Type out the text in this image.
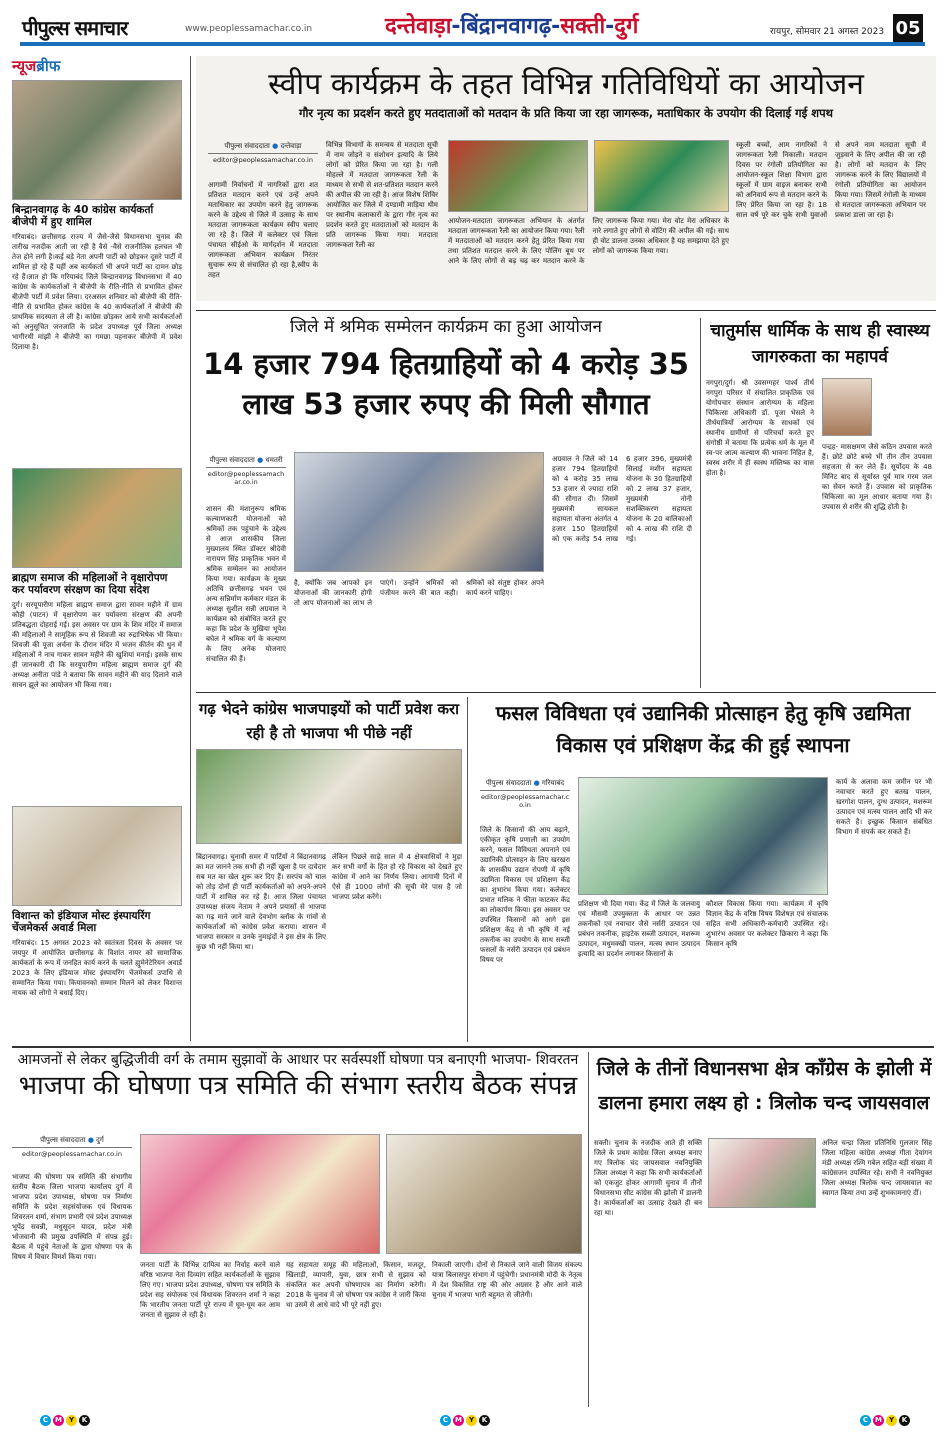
पीपुल्स समाचार	www.peoplessamachar.co.in	दन्तेवाड़ा-बिंद्रानवागढ़-सक्ती-दुर्ग	रायपुर, सोमवार 21 अगस्त 2023 05
न्यूजब्रीफ
बिन्द्रानवागढ़ के 40 कांग्रेस कार्यकर्ता बीजेपी में हुए शामिल
गरियाबंद। छत्तीसगढ़ राज्य में जैसे-जैसे विधानसभा चुनाव की तारीख नजदीक आती जा रही है वैसे -वैसे राजनीतिक हलचल भी तेज होने लगी है।कई बड़े नेता अपनी पार्टी को छोड़कर दूसरे पार्टी में शामिल हो रहे हैं यहीं अब कार्यकर्ता भी अपने पार्टी का दामन छोड़ रहे हैं।ज्ञात हो कि गरियाबंद जिले बिन्द्रानवागढ़ विधानसभा में 40 कांग्रेस के कार्यकर्ताओं ने बीजेपी के रीति-नीति से प्रभावित होकर बीजेपी पार्टी में प्रवेश लिया। दरअसल शनिवार को बीजेपी की रीति-नीति से प्रभावित होकर कांग्रेस के 40 कार्यकर्ताओं ने बीजेपी की प्राथमिक सदस्यता ले ली है। कांग्रेस छोड़कर आये सभी कार्यकर्ताओं को अनुसूचित जनजाति के प्रदेश उपाध्यक्ष पूर्व जिला अध्यक्ष भागीरथी मांझी ने बीजेपी का गमछा पहनाकर बीजेपी में प्रवेश दिलाया है।
ब्राह्मण समाज की महिलाओं ने वृक्षारोपण कर पर्यावरण संरक्षण का दिया संदेश
दुर्ग। सरयूपारीण महिला ब्राह्मण समाज द्वारा सावन महीने में ग्राम कौही (पाटन) में वृक्षारोपण कर पर्यावरण संरक्षण की अपनी प्रतिबद्धता दोहराई गई। इस अवसर पर ग्राम के शिव मंदिर में समाज की महिलाओं ने सामूहिक रूप से शिवजी का रुद्राभिषेक भी किया। शिवजी की पूजा अर्चना के दौरान मंदिर में भजन कीर्तन की धुन में महिलाओं ने नाच गाकर सावन महीने की खुशियां मनाई। इसके साथ ही जानकारी दी कि सरयूपारीण महिला ब्राह्मण समाज दुर्ग की अध्यक्ष अनीता पांडे ने बताया कि सावन महीने की याद दिलाने वाले सावन झूले का आयोजन भी किया गया।
विशान्त को इंडियाज मोस्ट इंस्पायरिंग चेंजमेकर्स अवार्ड मिला
गरियाबंद। 15 अगस्त 2023 को स्वतंत्रता दिवस के अवसर पर जयपुर में आयोजित छत्तीसगढ़ के विशांत नायर को सामाजिक कार्यकर्ता के रूप में जनहित कार्य करने के चलते ह्युमेनेटेरियन अवार्ड 2023 के लिए इंडियाज मोस्ट इंस्पायरिंग चेंजमेकर्स उपाधि से सम्मानित किया गया। कियावनको सम्मान मिलने को लेकर विशान्त नायक को लोगो ने बधाई दिए।
स्वीप कार्यक्रम के तहत विभिन्न गतिविधियों का आयोजन
गौर नृत्य का प्रदर्शन करते हुए मतदाताओं को मतदान के प्रति किया जा रहा जागरूक, मताधिकार के उपयोग की दिलाई गई शपथ
पीपुल्स संवाददाता ● दन्तेवाड़ा
editor@peoplessamachar.co.in
आगामी निर्वाचनों में नागरिकों द्वारा शत प्रतिशत मतदान करने एवं उन्हें अपने मताधिकार का उपयोग करने हेतु जागरूक करने के उद्देश्य से जिले में उत्साह के साथ मतदाता जागरूकता कार्यक्रम स्वीप चलाए जा रहे है। जिले में कलेक्टर एवं जिला पंचायत सीईओ के मार्गदर्शन में मतदाता जागरूकता अभियान कार्यक्रम निरंतर सुचारू रूप से संचालित हो रहा है,स्वीप के तहत
विभिन्न विभागों के समन्वय से मतदाता सूची में नाम जोड़ने व संशोधन इत्यादि के लिये लोगों को प्रेरित किया जा रहा है। गली मोहल्ले में मतदाता जागरूकता रैली के माध्यम से सभी से शत-प्रतिशत मतदान करने की अपील की जा रही है। आज विशेष शिविर आयोजित कर जिले में दण्डामी माड़िया थीम पर स्थानीय कलाकारों के द्वारा गौर नृत्य का प्रदर्शन करते हुए मतदाताओं को मतदान के प्रति जागरूक किया गया। मतदाता जागरूकता रैली का
आयोजन-मतदाता जागरूकता अभियान के अंतर्गत मतदाता जागरूकता रैली का आयोजन किया गया। रैली में मतदाताओं को मतदान करने हेतु प्रेरित किया गया तथा प्रतिशत मतदान करने के लिए पोलिंग बूथ पर आने के लिए लोगों से बढ़ चढ़ कर मतदान करने के लिए जागरूक किया गया। मेरा वोट मेरा अधिकार के नारे लगाते हुए लोगों से वोटिंग की अपील की गई। साथ ही वोट डालना उनका अधिकार है यह समझाया देते हुए लोगों को जागरूक किया गया।
स्कूली बच्चों, आम नागरिकों ने जागरूकता रैली निकाली। मतदान दिवस पर रंगोली प्रतियोगिता का आयोजन-स्कूल शिक्षा विभाग द्वारा स्कूलों में ग्राम वाइज बनाकर सभी को अनिवार्य रूप से मतदान करने के लिए प्रेरित किया जा रहा है। 18 साल वर्ष पूरे कर चुके सभी युवाओं से अपने नाम मतदाता सूची में जुड़वाने के लिए अपील की जा रही है। लोगों को मतदान के लिए जागरूक करने के लिए विद्यालयों में रंगोली प्रतियोगिता का आयोजन किया गया। जिसमें रंगोली के माध्यम से मतदाता जागरूकता अभियान पर प्रकाश डाला जा रहा है।
जिले में श्रमिक सम्मेलन कार्यक्रम का हुआ आयोजन
14 हजार 794 हितग्राहियों को 4 करोड़ 35 लाख 53 हजार रुपए की मिली सौगात
पीपुल्स संवाददाता ● धमतरी
editor@peoplessamachar.co.in
शासन की मंशानुरूप श्रमिक कल्याणकारी योजनाओं को श्रमिकों तक पहुंचाने के उद्देश्य से आज शासकीय जिला मुख्यालय स्थित डॉक्टर श्रीदेवी नारायण सिंह प्राकृतिक भवन में श्रमिक सम्मेलन का आयोजन किया गया। कार्यक्रम के मुख्य अतिथि छत्तीसगढ़ भवन एवं अन्य सन्निर्माण कर्मकार मंडल के अध्यक्ष सुशील सन्नी अग्रवाल ने कार्यक्रम को संबोधित करते हुए कहा कि प्रदेश के मुखिया भूपेश बघेल ने श्रमिक वर्ग के कल्याण के लिए अनेक योजनाएं संचालित की हैं।
है, क्योंकि जब आपको इन योजनाओं की जानकारी होगी तो आप योजनाओं का लाभ ले पाएंगे। उन्होंने श्रमिकों को पंजीयन करने की बात कही। श्रमिकों को संतुष्ट होकर अपने कार्य करने चाहिए।
अग्रवाल ने जिले को 14 हजार 794 हितग्राहियों को 4 करोड़ 35 लाख 53 हजार से ज्यादा राशि की सौगात दी। जिसमें मुख्यमंत्री सायकल सहायता योजना अंतर्गत 4 हजार 150 हितग्राहियों को एक करोड़ 54 लाख 6 हजार 396, मुख्यमंत्री सिलाई मशीन सहायता योजना के 30 हितग्राहियों को 2 लाख 37 हजार, मुख्यमंत्री नोनी सशक्तिकरण सहायता योजना के 20 बालिकाओं को 4 लाख की राशि दी गई।
चातुर्मास धार्मिक के साथ ही स्वास्थ्य जागरुकता का महापर्व
नगपुरा/दुर्ग। श्री उवसग्गहरं पार्श्व तीर्थ नगपुरा परिसर में संचालित प्राकृतिक एवं योगोपचार संस्थान आरोग्यम के महिला चिकित्सा अधिकारी डॉ. पूजा भेसले ने तीर्थयात्रियों आरोग्यम के साधकों एवं स्थानीय ग्रामीणों से परिचर्चा करते हुए संगोष्ठी में बताया कि प्रत्येक धर्म के मूल में स्व-पर आत्म कल्याण की भावना निहित है, स्वस्थ शरीर में ही स्वस्थ मस्तिष्क का वास होता है।
पन्द्रह- मासक्षमण जैसे कठिन उपवास करते हैं। छोटे छोटे बच्चे भी तीन तीन उपवास सहजता से कर लेते हैं। सूर्योदय के 48 मिनिट बाद से सूर्यास्त पूर्व मात्र गरम जल का सेवन करते हैं। उपवास को प्राकृतिक चिकित्सा का मूल आधार बताया गया है। उपवास से शरीर की शुद्धि होती है।
गढ़ भेदने कांग्रेस भाजपाइयों को पार्टी प्रवेश करा रही है तो भाजपा भी पीछे नहीं
बिंद्रानवागढ़। चुनावी समर में पार्टियों ने बिंद्रानवागढ़ का मत जानने तक सभी ही नहीं खुला है पर दावेदार सब मत का खेल शुरू कर दिए हैं। सरपंच को चाल को तोड़ दोनों ही पार्टी कार्यकर्ताओं को अपने-अपने पार्टी में शामिल कर रहे हैं। आज जिला पंचायत उपाध्यक्ष संजय नेताम ने अपने प्रयासों से भाजपा का गढ़ माने जाने वाले देवभोग ब्लॉक के गांवों से कार्यकर्ताओं को कांग्रेस प्रवेश कराया। शासन में भाजपा सरकार व उनके नुमाइंदों ने इस क्षेत्र के लिए कुछ भी नहीं किया था।
लेकिन पिछले साढ़े साल में 4 क्षेत्रवासियों ने मुड़ा कर सभी वर्गों के हित हो रहे विकास को देखते हुए कांग्रेस में आने का निर्णय लिया। आगामी दिनों में ऐसे ही 1000 लोगों की सूची मेरे पास है जो भाजपा प्रवेश करेंगे।
फसल विविधता एवं उद्यानिकी प्रोत्साहन हेतु कृषि उद्यमिता विकास एवं प्रशिक्षण केंद्र की हुई स्थापना
पीपुल्स संवाददाता ● गरियाबंद
editor@peoplessamachar.co.in
जिले के किसानों की आय बढ़ाने, एकीकृत कृषि प्रणाली का उपयोग करने, फसल विविधता अपनाने एवं उद्यानिकी प्रोत्साहन के लिए खरखरा के शासकीय उद्यान रोपणी में कृषि उद्यमिता विकास एवं प्रशिक्षण केंद्र का शुभारंभ किया गया। कलेक्टर प्रभात मलिक ने फीता काटकर केंद्र का लोकार्पण किया। इस अवसर पर उपस्थित किसानों को आगे इस प्रशिक्षण केंद्र से भी कृषि में नई तकनीक का उपयोग के साथ सब्जी फसलों के नर्सरी उत्पादन एवं प्रबंधन विषय पर
प्रशिक्षण भी दिया गया। केंद्र में जिले के जलवायु एवं मौसमी उपयुक्तता के आधार पर उन्नत तकनीकों एवं नवाचार जैसे नर्सरी उत्पादन एवं प्रबंधन तकनीक, हाइटेक सब्जी उत्पादन, मशरूम उत्पादन, मधुमक्खी पालन, मत्स्य स्थान उत्पादन इत्यादि का प्रदर्शन लगाकर किसानों के
कौशल विकास किया गया। कार्यक्रम में कृषि विज्ञान केंद्र के वरिष्ठ विषय विशेषज्ञ एवं संचालक सहित सभी अधिकारी-कर्मचारी उपस्थित रहे। शुभारंभ अवसर पर कलेक्टर छिकारा ने कहा कि किसान कृषि
कार्य के अलावा कम जमीन पर भी नवाचार करते हुए बतख पालन, खरगोश पालन, दुग्ध उत्पादन, मशरूम उत्पादन एवं मत्स्य पालन आदि भी कर सकते है। इच्छुक किसान संबंधित विभाग में संपर्क कर सकते हैं।
आमजनों से लेकर बुद्धिजीवी वर्ग के तमाम सुझावों के आधार पर सर्वस्पर्शी घोषणा पत्र बनाएगी भाजपा- शिवरतन
भाजपा की घोषणा पत्र समिति की संभाग स्तरीय बैठक संपन्न
पीपुल्स संवाददाता ● दुर्ग
editor@peoplessamachar.co.in
भाजपा की घोषणा पत्र समिति की संभागीय स्तरीय बैठक जिला भाजपा कार्यालय दुर्ग में भाजपा प्रदेश उपाध्यक्ष, घोषणा पत्र निर्माण समिति के प्रदेश सहसंयोजक एवं विधायक शिवरतन शर्मा, संभाग प्रभारी एवं प्रदेश उपाध्यक्ष भूपेंद्र सवन्नी, मधुसूदन यादव, प्रदेश मंत्री भोजवानी की प्रमुख उपस्थिति में संपन्न हुई। बैठक में पहुंचे नेताओं के द्वारा घोषणा पत्र के विषय में विचार विमर्श किया गया।
जनता पार्टी के विभिन्न दायित्व का निर्वाह करने वाले वरिष्ठ भाजपा नेता दिव्यांग सहित कार्यकर्ताओं के सुझाव लिए गए। भाजपा प्रदेश उपाध्यक्ष, घोषणा पत्र समिति के प्रदेश सह संयोजक एवं विधायक शिवरतन शर्मा ने कहा कि भारतीय जनता पार्टी पूरे राज्य में घूम-घूम कर आम जनता से सुझाव ले रही है।
यह सहायता समूह की महिलाओं, किसान, मजदूर, खिलाड़ी, व्यापारी, युवा, छात्र सभी से सुझाव को संकलित कर अपनी घोषणापत्र का निर्माण करेगी। 2018 के चुनाव में जो घोषणा पत्र कांग्रेस ने जारी किया था उसमें से आधे वादे भी पूरे नहीं हुए।
निकाली जाएगी। दोनों से निकाले जाने वाली विजय संकल्प यात्रा बिलासपुर संभाग में पहुंचेगी। प्रधानमंत्री मोदी के नेतृत्व में देश विकसित राष्ट्र की ओर अग्रसर है और आने वाले चुनाव में भाजपा भारी बहुमत से जीतेगी।
जिले के तीनों विधानसभा क्षेत्र कॉंग्रेस के झोली में डालना हमारा लक्ष्य हो : त्रिलोक चन्द जायसवाल
सक्ती। चुनाव के नजदीक आते ही सक्ति जिले के प्रथम कांग्रेस जिला अध्यक्ष बनाए गए त्रिलोक चंद जायसवाल नवनियुक्ति जिला अध्यक्ष ने कहा कि सभी कार्यकर्ताओं को एकजुट होकर आगामी चुनाव में तीनों विधानसभा सीट कांग्रेस की झोली में डालनी है। कार्यकर्ताओं का उत्साह देखते ही बन रहा था।
अनिल चन्द्रा जिला प्रतिनिधि गुलजार सिंह जिला महिला कांग्रेस अध्यक्ष गीता देवांगन मंडी अध्यक्ष रश्मि गबेल सहित बड़ी संख्या में कांग्रेसजन उपस्थित रहे। सभी ने नवनियुक्त जिला अध्यक्ष त्रिलोक चन्द जायसवाल का स्वागत किया तथा उन्हें शुभकामनाएं दीं।
C M Y	K	C M Y	K	C M Y	K
